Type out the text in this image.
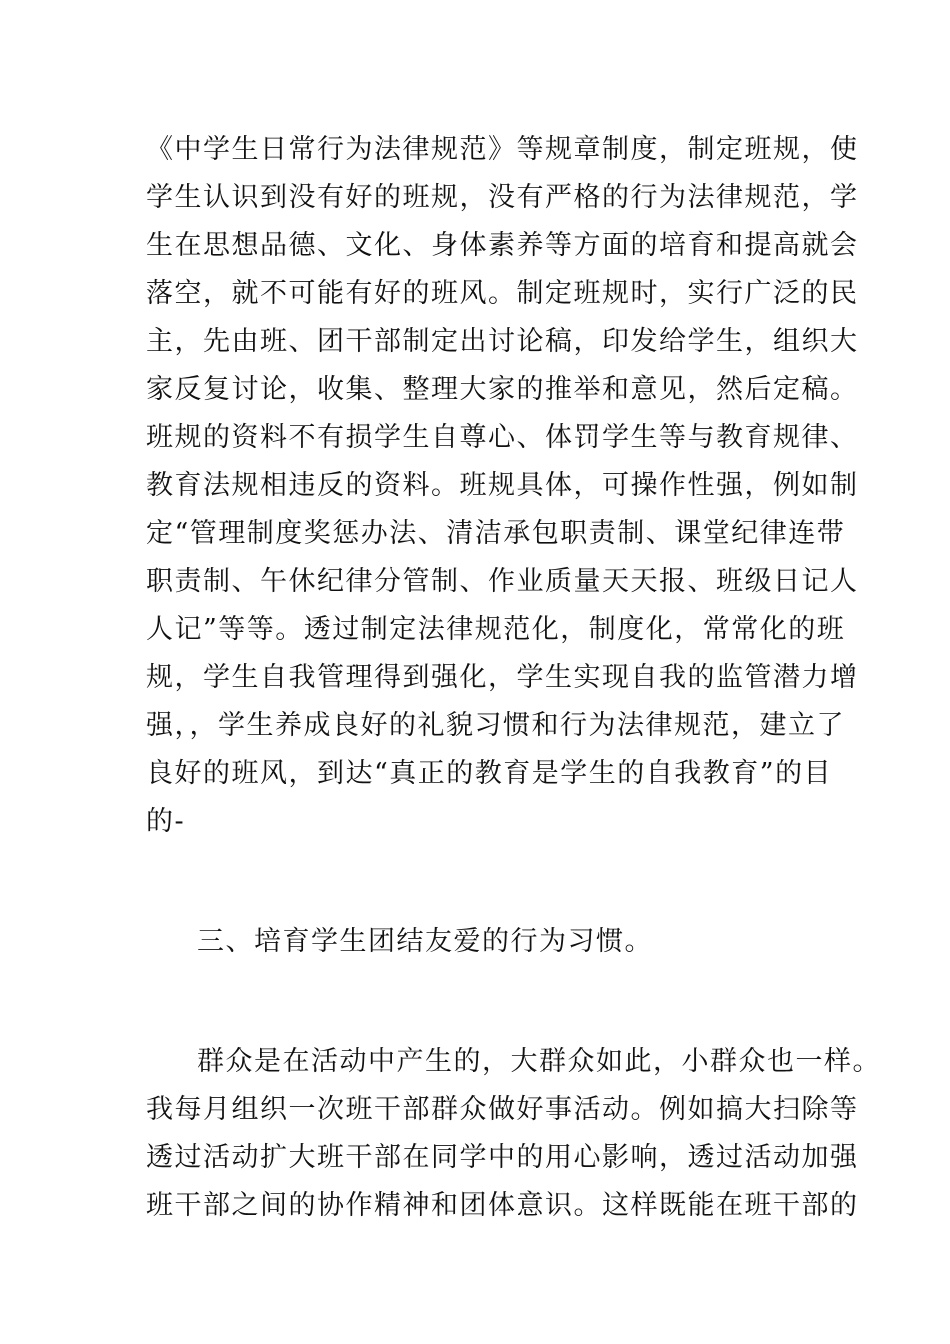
《中学生日常行为法律规范》等规章制度，制定班规，使
学生认识到没有好的班规，没有严格的行为法律规范，学
生在思想品德、文化、身体素养等方面的培育和提高就会
落空，就不可能有好的班风。制定班规时，实行广泛的民
主，先由班、团干部制定出讨论稿，印发给学生，组织大
家反复讨论，收集、整理大家的推举和意见，然后定稿。
班规的资料不有损学生自尊心、体罚学生等与教育规律、
教育法规相违反的资料。班规具体，可操作性强，例如制
定“管理制度奖惩办法、清洁承包职责制、课堂纪律连带
职责制、午休纪律分管制、作业质量天天报、班级日记人
人记”等等。透过制定法律规范化，制度化，常常化的班
规，学生自我管理得到强化，学生实现自我的监管潜力增
强，，学生养成良好的礼貌习惯和行为法律规范，建立了
良好的班风，到达“真正的教育是学生的自我教育”的目
的-
三、培育学生团结友爱的行为习惯。
群众是在活动中产生的，大群众如此，小群众也一样。
我每月组织一次班干部群众做好事活动。例如搞大扫除等
透过活动扩大班干部在同学中的用心影响，透过活动加强
班干部之间的协作精神和团体意识。这样既能在班干部的
